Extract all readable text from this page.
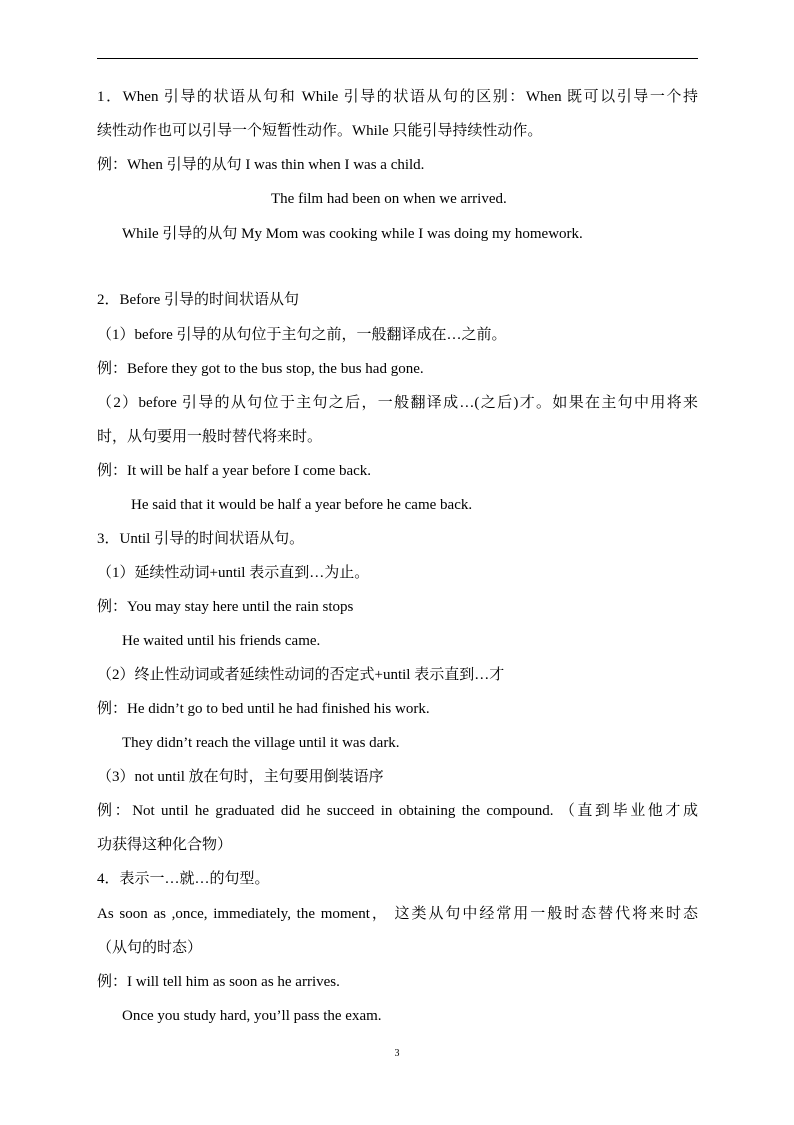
1．When 引导的状语从句和 While 引导的状语从句的区别：When 既可以引导一个持
续性动作也可以引导一个短暂性动作。While 只能引导持续性动作。
例：When 引导的从句 I was thin when I was a child.
The film had been on when we arrived.
While 引导的从句 My Mom was cooking while I was doing my homework.
2．Before 引导的时间状语从句
（1）before 引导的从句位于主句之前，一般翻译成在…之前。
例：Before they got to the bus stop, the bus had gone.
（2）before 引导的从句位于主句之后，一般翻译成…(之后)才。如果在主句中用将来
时，从句要用一般时替代将来时。
例：It will be half a year before I come back.
He said that it would be half a year before he came back.
3．Until 引导的时间状语从句。
（1）延续性动词+until 表示直到…为止。
例：You may stay here until the rain stops
He waited until his friends came.
（2）终止性动词或者延续性动词的否定式+until 表示直到…才
例：He didn’t go to bed until he had finished his work.
They didn’t reach the village until it was dark.
（3）not until 放在句时，主句要用倒装语序
例：Not until he graduated did he succeed in obtaining the compound. （直到毕业他才成
功获得这种化合物）
4．表示一…就…的句型。
As soon as ,once, immediately, the moment， 这类从句中经常用一般时态替代将来时态
（从句的时态）
例：I will tell him as soon as he arrives.
Once you study hard, you’ll pass the exam.
3
